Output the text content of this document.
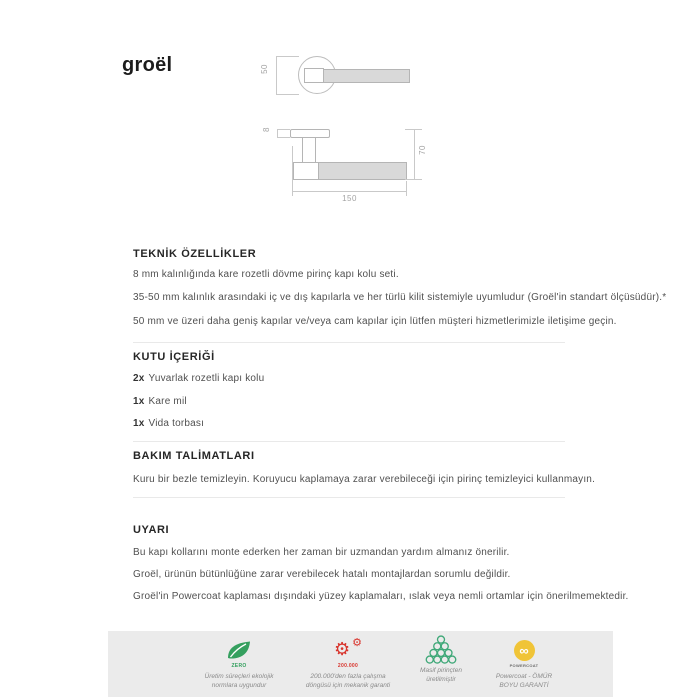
groël	50
8
70
150
TEKNİK ÖZELLİKLER
8 mm kalınlığında kare rozetli dövme pirinç kapı kolu seti.
35-50 mm kalınlık arasındaki iç ve dış kapılarla ve her türlü kilit sistemiyle uyumludur (Groël'in standart ölçüsüdür).*
50 mm ve üzeri daha geniş kapılar ve/veya cam kapılar için lütfen müşteri hizmetlerimizle iletişime geçin.
KUTU İÇERİĞİ
2x Yuvarlak rozetli kapı kolu
1x Kare mil
1x Vida torbası
BAKIM TALİMATLARI
Kuru bir bezle temizleyin. Koruyucu kaplamaya zarar verebileceği için pirinç temizleyici kullanmayın.
UYARI
Bu kapı kollarını monte ederken her zaman bir uzmandan yardım almanız önerilir.
Groël, ürünün bütünlüğüne zarar verebilecek hatalı montajlardan sorumlu değildir.
Groël'in Powercoat kaplaması dışındaki yüzey kaplamaları, ıslak veya nemli ortamlar için önerilmemektedir.
ZERO
Üretim süreçleri ekolojik
normlara uygundur
⚙ ⚙
200.000
200.000'den fazla çalışma
döngüsü için mekanik garanti
Masif pirinçten
üretilmiştir
∞
POWERCOAT
Powercoat - ÖMÜR
BOYU GARANTİ
